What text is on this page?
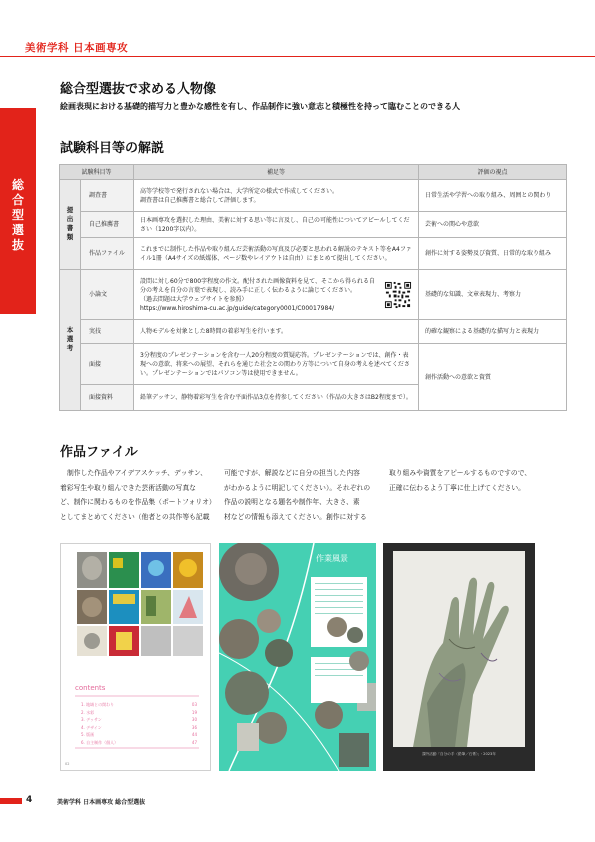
美術学科 日本画専攻
総合型選抜
総合型選抜で求める人物像
絵画表現における基礎的描写力と豊かな感性を有し、作品制作に強い意志と積極性を持って臨むことのできる人
試験科目等の解説
試験科目等		補足等	評価の視点
提出書類	調査書	高等学校等で発行されない場合は、大学所定の様式で作成してください。
調査書は自己推薦書と総合して評価します。	日常生活や学習への取り組み、周囲との関わり
	自己推薦書	日本画専攻を選択した理由、美術に対する思い等に言及し、自己の可能性についてアピールしてください（1200字以内）。	芸術への関心や意欲
	作品ファイル	これまでに制作した作品や取り組んだ芸術活動の写真及び必要と思われる解説のテキスト等をA4ファイル1冊（A4サイズの紙媒体、ページ数やレイアウトは自由）にまとめて提出してください。	創作に対する姿勢及び資質、日常的な取り組み
本選考	小論文	設問に対し60分で800字程度の作文。配付された画像資料を見て、そこから得られる自分の考えを自分の言葉で表現し、読み手に正しく伝わるように論じてください。
（過去問題は大学ウェブサイトを参照）
https://www.hiroshima-cu.ac.jp/guide/category0001/C00017984/	基礎的な知識、文章表現力、考察力
	実技	人物モデルを対象とした8時間の着彩写生を行います。	的確な観察による基礎的な描写力と表現力
	面接	3分程度のプレゼンテーションを含む一人20分程度の質疑応答。プレゼンテーションでは、創作・表現への意欲、将来への展望、それらを通じた社会との関わり方等について自身の考えを述べてください。プレゼンテーションではパソコン等は使用できません。	創作活動への意欲と資質
	面接資料	鉛筆デッサン、静物着彩写生を含む平面作品3点を持参してください（作品の大きさはB2程度まで）。	
作品ファイル
制作した作品やアイデアスケッチ、デッサン、
着彩写生や取り組んできた芸術活動の写真な
ど、制作に関わるものを作品集（ポートフォリオ）
としてまとめてください（他者との共作等も記載
可能ですが、解説などに自分の担当した内容
がわかるように明記してください）。それぞれの
作品の説明となる題名や制作年、大きさ、素
材などの情報も添えてください。創作に対する
取り組みや資質をアピールするものですので、
正確に伝わるよう丁寧に仕上げてください。
contents
1. 地域との関わり	03
2. 水彩	19
3. デッサン	30
4. デザイン	36
5. 版画	44
6. 自主制作（個人）	47
02
作業風景
課外活動「自分の手（鉛筆／石膏）」・2023年
4	美術学科 日本画専攻 総合型選抜
